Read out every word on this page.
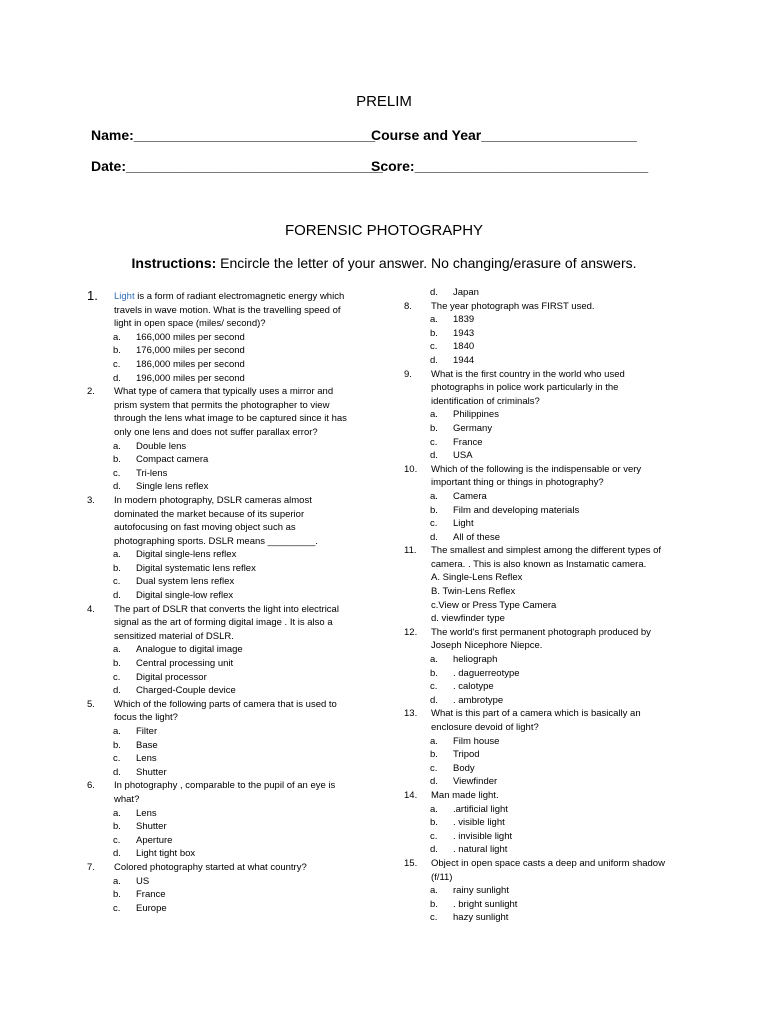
PRELIM
Name:_______________________________
Course and Year____________________
Date:_________________________________
Score:______________________________
FORENSIC PHOTOGRAPHY
Instructions: Encircle the letter of your answer. No changing/erasure of answers.
1. Light is a form of radiant electromagnetic energy which
travels in wave motion. What is the travelling speed of
light in open space (miles/ second)?
a. 166,000 miles per second
b. 176,000 miles per second
c. 186,000 miles per second
d. 196,000 miles per second
2. What type of camera that typically uses a mirror and
prism system that permits the photographer to view
through the lens what image to be captured since it has
only one lens and does not suffer parallax error?
a. Double lens
b. Compact camera
c. Tri-lens
d. Single lens reflex
3. In modern photography, DSLR cameras almost
dominated the market because of its superior
autofocusing on fast moving object such as
photographing sports. DSLR means _________.
a. Digital single-lens reflex
b. Digital systematic lens reflex
c. Dual system lens reflex
d. Digital single-low reflex
4. The part of DSLR that converts the light into electrical
signal as the art of forming digital image . It is also a
sensitized material of DSLR.
a. Analogue to digital image
b. Central processing unit
c. Digital processor
d. Charged-Couple device
5. Which of the following parts of camera that is used to
focus the light?
a. Filter
b. Base
c. Lens
d. Shutter
6. In photography , comparable to the pupil of an eye is
what?
a. Lens
b. Shutter
c. Aperture
d. Light tight box
7. Colored photography started at what country?
a. US
b. France
c. Europe
d. Japan
8. The year photograph was FIRST used.
a. 1839
b. 1943
c. 1840
d. 1944
9. What is the first country in the world who used
photographs in police work particularly in the
identification of criminals?
a. Philippines
b. Germany
c. France
d. USA
10. Which of the following is the indispensable or very
important thing or things in photography?
a. Camera
b. Film and developing materials
c. Light
d. All of these
11. The smallest and simplest among the different types of
camera. . This is also known as Instamatic camera.
A. Single-Lens Reflex
B. Twin-Lens Reflex
c.View or Press Type Camera
d. viewfinder type
12. The world's first permanent photograph produced by
Joseph Nicephore Niepce.
a. heliograph
b. . daguerreotype
c. . calotype
d. . ambrotype
13. What is this part of a camera which is basically an
enclosure devoid of light?
a. Film house
b. Tripod
c. Body
d. Viewfinder
14. Man made light.
a. .artificial light
b. . visible light
c. . invisible light
d. . natural light
15. Object in open space casts a deep and uniform shadow
(f/11)
a. rainy sunlight
b. . bright sunlight
c. hazy sunlight
